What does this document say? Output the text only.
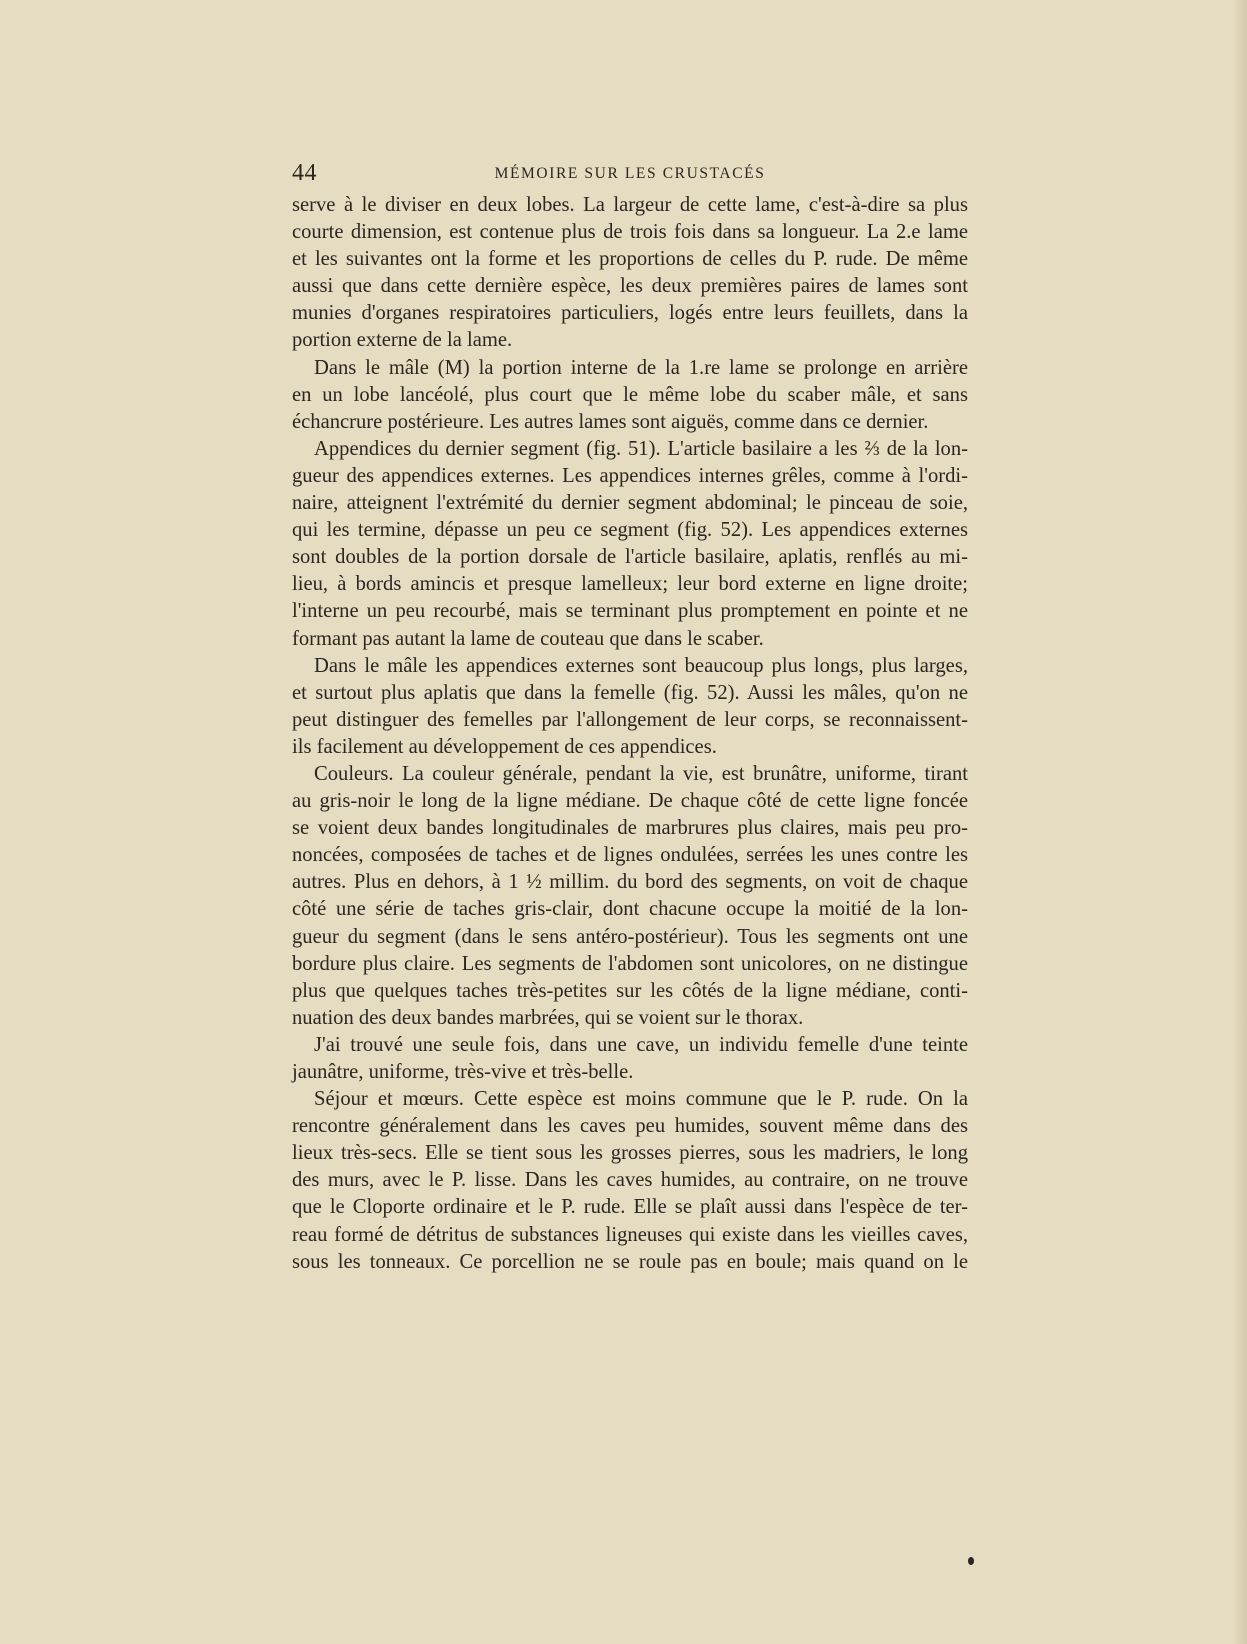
44	MÉMOIRE SUR LES CRUSTACÉS
serve à le diviser en deux lobes. La largeur de cette lame, c'est-à-dire sa plus
courte dimension, est contenue plus de trois fois dans sa longueur. La 2.e lame
et les suivantes ont la forme et les proportions de celles du P. rude. De même
aussi que dans cette dernière espèce, les deux premières paires de lames sont
munies d'organes respiratoires particuliers, logés entre leurs feuillets, dans la
portion externe de la lame.
Dans le mâle (M) la portion interne de la 1.re lame se prolonge en arrière
en un lobe lancéolé, plus court que le même lobe du scaber mâle, et sans
échancrure postérieure. Les autres lames sont aiguës, comme dans ce dernier.
Appendices du dernier segment (fig. 51). L'article basilaire a les ⅔ de la lon-
gueur des appendices externes. Les appendices internes grêles, comme à l'ordi-
naire, atteignent l'extrémité du dernier segment abdominal; le pinceau de soie,
qui les termine, dépasse un peu ce segment (fig. 52). Les appendices externes
sont doubles de la portion dorsale de l'article basilaire, aplatis, renflés au mi-
lieu, à bords amincis et presque lamelleux; leur bord externe en ligne droite;
l'interne un peu recourbé, mais se terminant plus promptement en pointe et ne
formant pas autant la lame de couteau que dans le scaber.
Dans le mâle les appendices externes sont beaucoup plus longs, plus larges,
et surtout plus aplatis que dans la femelle (fig. 52). Aussi les mâles, qu'on ne
peut distinguer des femelles par l'allongement de leur corps, se reconnaissent-
ils facilement au développement de ces appendices.
Couleurs. La couleur générale, pendant la vie, est brunâtre, uniforme, tirant
au gris-noir le long de la ligne médiane. De chaque côté de cette ligne foncée
se voient deux bandes longitudinales de marbrures plus claires, mais peu pro-
noncées, composées de taches et de lignes ondulées, serrées les unes contre les
autres. Plus en dehors, à 1 ½ millim. du bord des segments, on voit de chaque
côté une série de taches gris-clair, dont chacune occupe la moitié de la lon-
gueur du segment (dans le sens antéro-postérieur). Tous les segments ont une
bordure plus claire. Les segments de l'abdomen sont unicolores, on ne distingue
plus que quelques taches très-petites sur les côtés de la ligne médiane, conti-
nuation des deux bandes marbrées, qui se voient sur le thorax.
J'ai trouvé une seule fois, dans une cave, un individu femelle d'une teinte
jaunâtre, uniforme, très-vive et très-belle.
Séjour et mœurs. Cette espèce est moins commune que le P. rude. On la
rencontre généralement dans les caves peu humides, souvent même dans des
lieux très-secs. Elle se tient sous les grosses pierres, sous les madriers, le long
des murs, avec le P. lisse. Dans les caves humides, au contraire, on ne trouve
que le Cloporte ordinaire et le P. rude. Elle se plaît aussi dans l'espèce de ter-
reau formé de détritus de substances ligneuses qui existe dans les vieilles caves,
sous les tonneaux. Ce porcellion ne se roule pas en boule; mais quand on le
